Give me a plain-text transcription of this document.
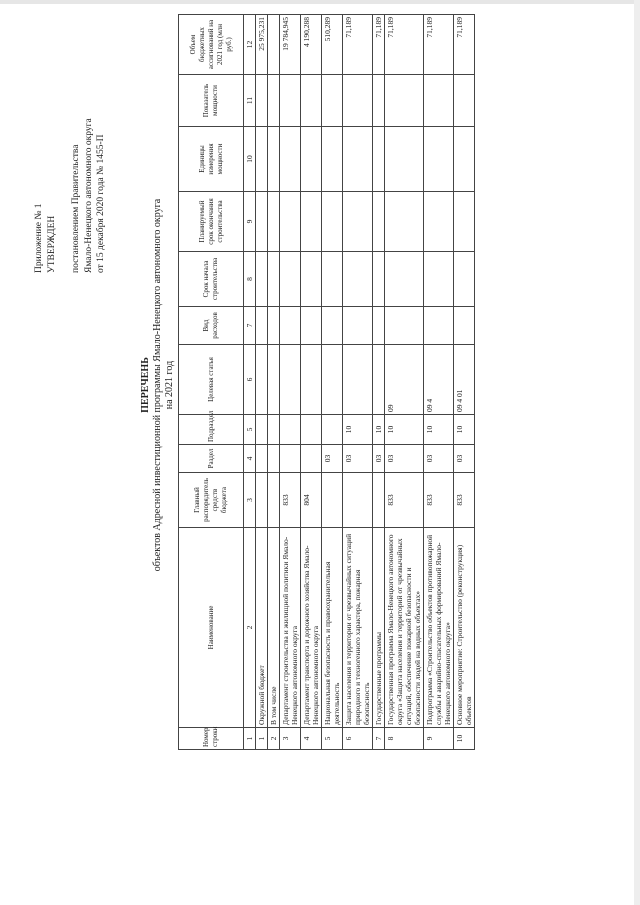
Приложение № 1 УТВЕРЖДЕН постановлением Правительства Ямало-Ненецкого автономного округа от 15 декабря 2020 года № 1455-П
ПЕРЕЧЕНЬ объектов Адресной инвестиционной программы Ямало-Ненецкого автономного округа на 2021 год
Номер строки	Наименование	Главный распорядитель средств бюджета	Раздел	Подраздел	Целевая статья	Вид расходов	Срок начала строительства	Планируемый срок окончания строительства	Единицы измерения мощности	Показатель мощности	Объем бюджетных ассигнований на 2021 год (млн руб.)
1	2	3	4	5	6	7	8	9	10	11	12
1	Окружной бюджет										25 975,231
2	В том числе										
3	Департамент строительства и жилищной политики Ямало-Ненецкого автономного округа	833									19 784,945
4	Департамент транспорта и дорожного хозяйства Ямало-Ненецкого автономного округа	804									4 190,288
5	Национальная безопасность и правоохранительная деятельность		03								510,289
6	Защита населения и территории от чрезвычайных ситуаций природного и техногенного характера, пожарная безопасность		03	10							71,189
7	Государственные программы		03	10							71,189
8	Государственная программа Ямало-Ненецкого автономного округа «Защита населения и территорий от чрезвычайных ситуаций, обеспечение пожарной безопасности и безопасности людей на водных объектах»	833	03	10	09						71,189
9	Подпрограмма «Строительство объектов противопожарной службы и аварийно-спасательных формирований Ямало-Ненецкого автономного округа»	833	03	10	09 4						71,189
10	Основное мероприятие: Строительство (реконструкция) объектов	833	03	10	09 4 01						71,189
